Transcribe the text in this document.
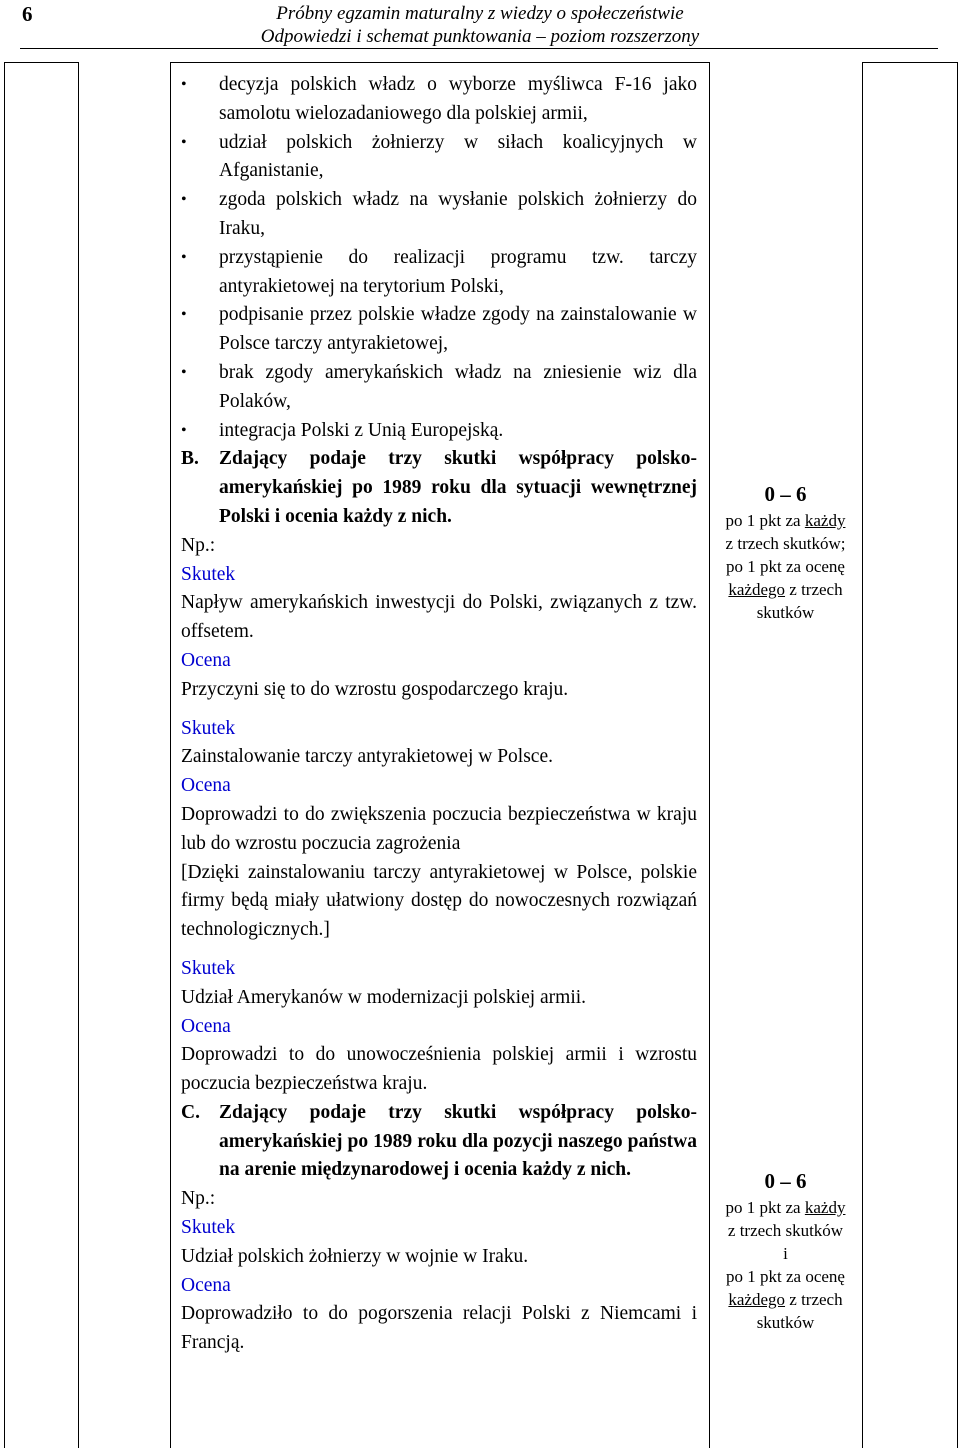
6	Próbny egzamin maturalny z wiedzy o społeczeństwie
Odpowiedzi i schemat punktowania – poziom rozszerzony
• decyzja polskich władz o wyborze myśliwca F-16 jako samolotu wielozadaniowego dla polskiej armii,
• udział polskich żołnierzy w siłach koalicyjnych w Afganistanie,
• zgoda polskich władz na wysłanie polskich żołnierzy do Iraku,
• przystąpienie do realizacji programu tzw. tarczy antyrakietowej na terytorium Polski,
• podpisanie przez polskie władze zgody na zainstalowanie w Polsce tarczy antyrakietowej,
• brak zgody amerykańskich władz na zniesienie wiz dla Polaków,
• integracja Polski z Unią Europejską.
B. Zdający podaje trzy skutki współpracy polsko-amerykańskiej po 1989 roku dla sytuacji wewnętrznej Polski i ocenia każdy z nich.
Np.:
Skutek
Napływ amerykańskich inwestycji do Polski, związanych z tzw. offsetem.
Ocena
Przyczyni się to do wzrostu gospodarczego kraju.
Skutek
Zainstalowanie tarczy antyrakietowej w Polsce.
Ocena
Doprowadzi to do zwiększenia poczucia bezpieczeństwa w kraju lub do wzrostu poczucia zagrożenia
[Dzięki zainstalowaniu tarczy antyrakietowej w Polsce, polskie firmy będą miały ułatwiony dostęp do nowoczesnych rozwiązań technologicznych.]
Skutek
Udział Amerykanów w modernizacji polskiej armii.
Ocena
Doprowadzi to do unowocześnienia polskiej armii i wzrostu poczucia bezpieczeństwa kraju.
C. Zdający podaje trzy skutki współpracy polsko-amerykańskiej po 1989 roku dla pozycji naszego państwa na arenie międzynarodowej i ocenia każdy z nich.
Np.:
Skutek
Udział polskich żołnierzy w wojnie w Iraku.
Ocena
Doprowadziło to do pogorszenia relacji Polski z Niemcami i Francją.
0 – 6
po 1 pkt za każdy
z trzech skutków;
po 1 pkt za ocenę
każdego z trzech
skutków
0 – 6
po 1 pkt za każdy
z trzech skutków
i
po 1 pkt za ocenę
każdego z trzech
skutków
